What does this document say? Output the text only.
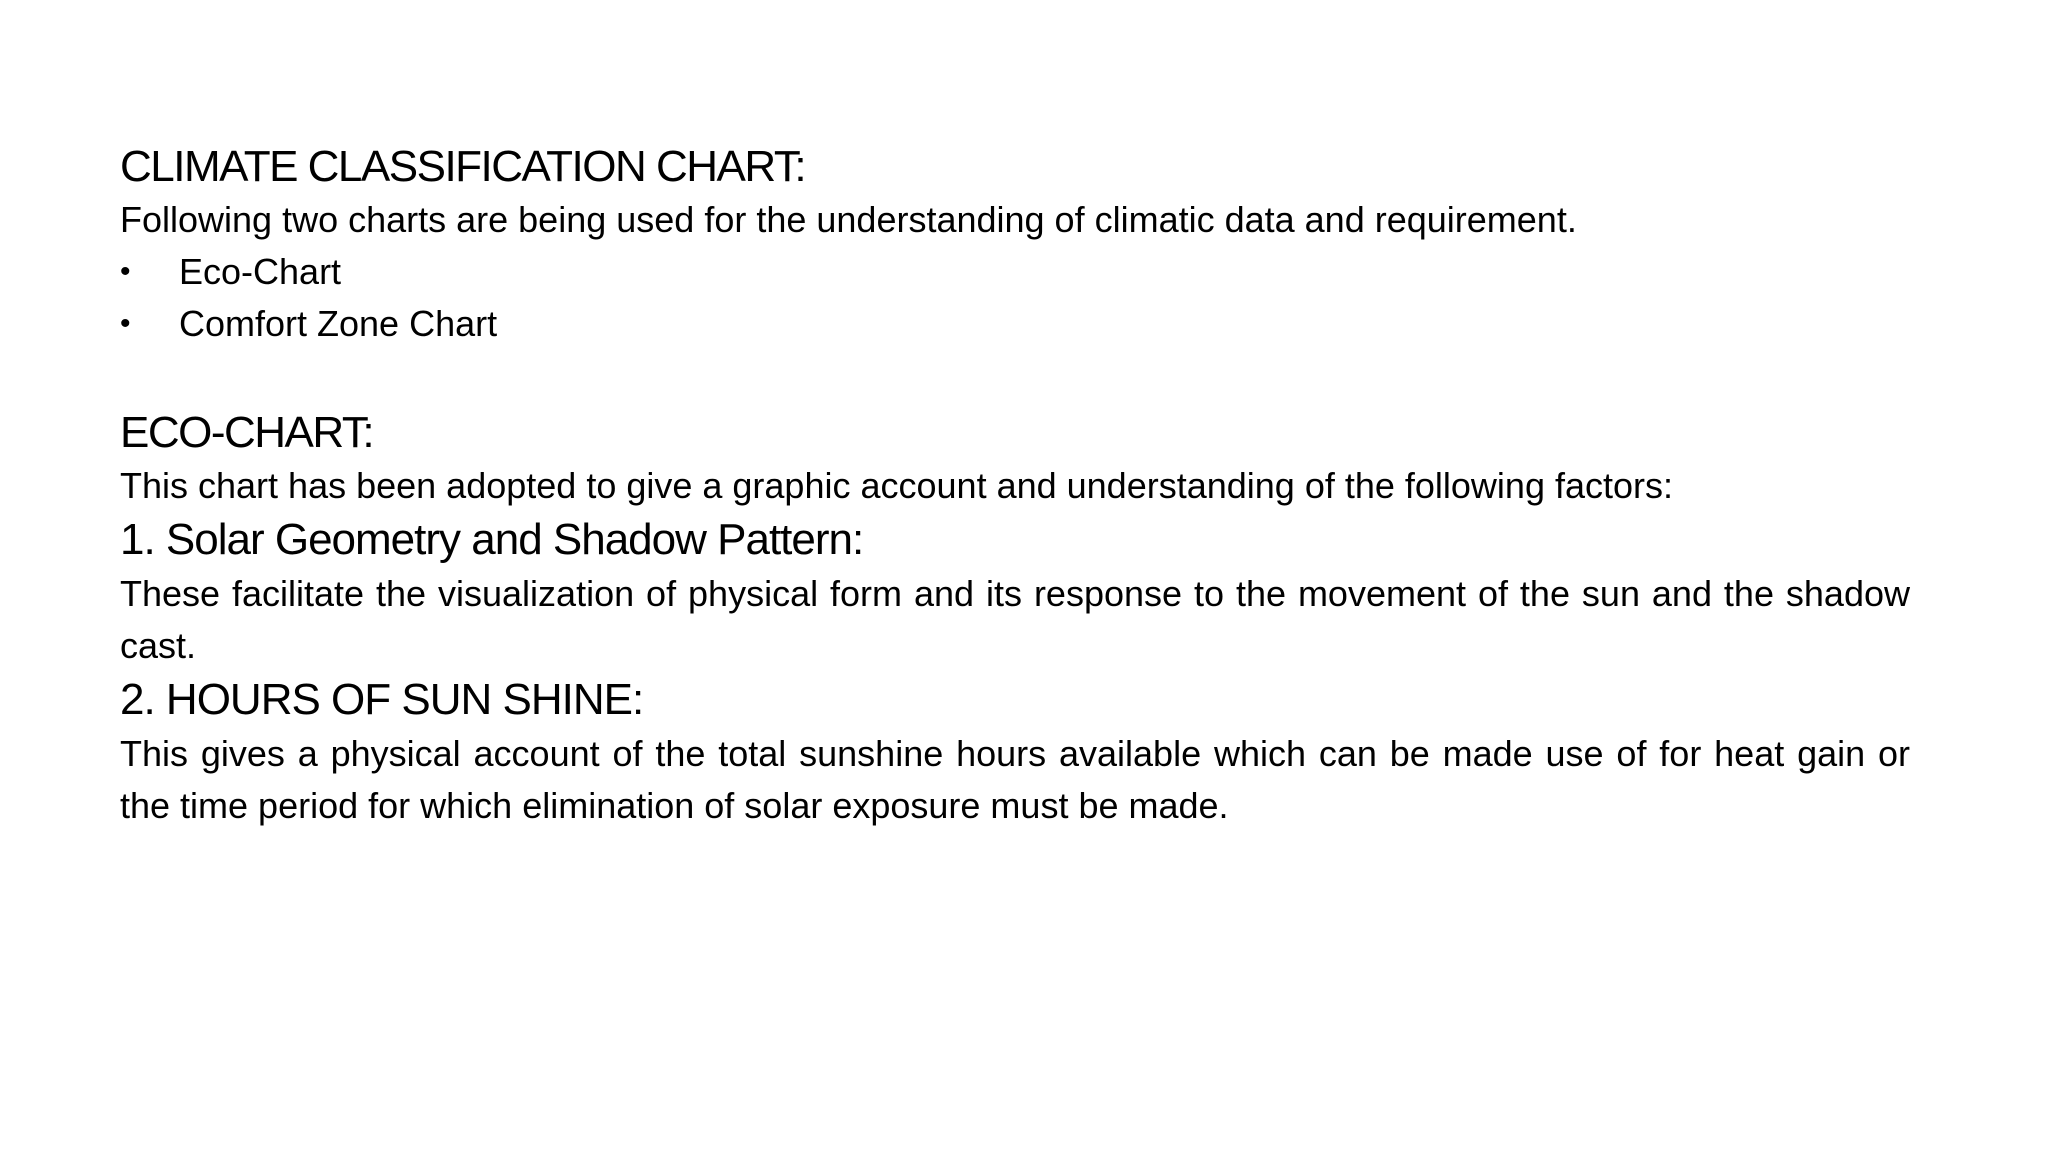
CLIMATE CLASSIFICATION CHART:

Following two charts are being used for the understanding of climatic data and requirement.

•	Eco-Chart
•	Comfort Zone Chart
ECO-CHART:

This chart has been adopted to give a graphic account and understanding of the following factors:

1. Solar Geometry and Shadow Pattern:

These facilitate the visualization of physical form and its response to the movement of the sun and the shadow cast.

2. HOURS OF SUN SHINE:

This gives a physical account of the total sunshine hours available which can be made use of for heat gain or the time period for which elimination of solar exposure must be made.
